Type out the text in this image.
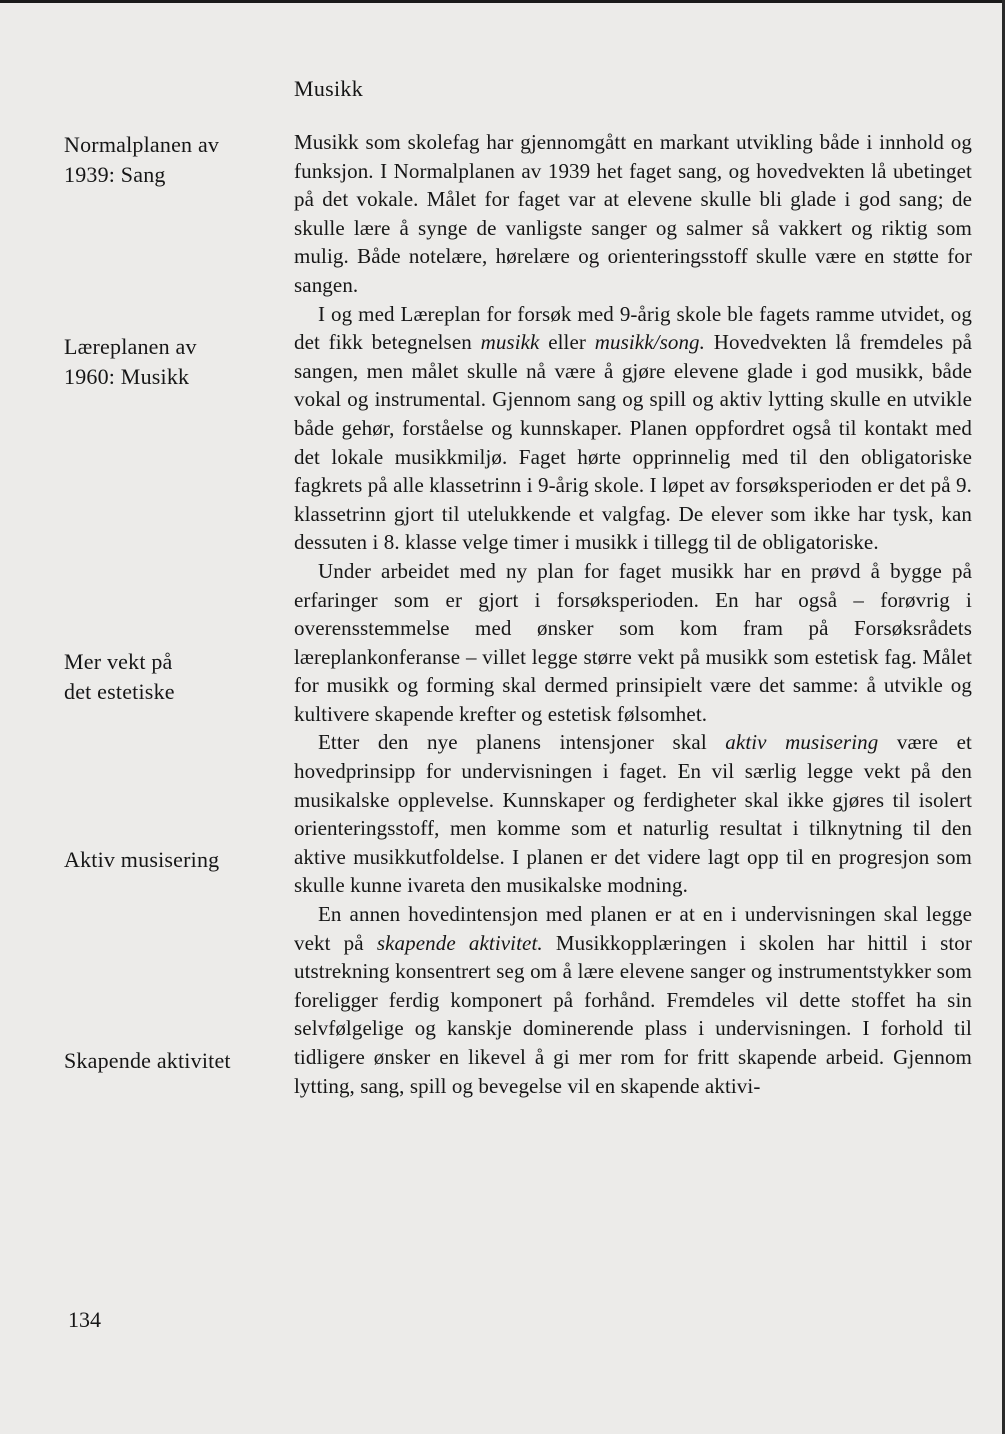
Musikk
Normalplanen av
1939: Sang
Læreplanen av
1960: Musikk
Mer vekt på
det estetiske
Aktiv musisering
Skapende aktivitet

Musikk som skolefag har gjennomgått en markant utvikling både i innhold og funksjon. I Normalplanen av 1939 het faget sang, og hovedvekten lå ubetinget på det vokale. Målet for faget var at elevene skulle bli glade i god sang; de skulle lære å synge de vanligste sanger og salmer så vakkert og riktig som mulig. Både notelære, hørelære og orienteringsstoff skulle være en støtte for sangen.

I og med Læreplan for forsøk med 9-årig skole ble fagets ramme utvidet, og det fikk betegnelsen musikk eller musikk/song. Hovedvekten lå fremdeles på sangen, men målet skulle nå være å gjøre elevene glade i god musikk, både vokal og instrumental. Gjennom sang og spill og aktiv lytting skulle en utvikle både gehør, forståelse og kunnskaper. Planen oppfordret også til kontakt med det lokale musikkmiljø. Faget hørte opprinnelig med til den obligatoriske fagkrets på alle klassetrinn i 9-årig skole. I løpet av forsøksperioden er det på 9. klassetrinn gjort til utelukkende et valgfag. De elever som ikke har tysk, kan dessuten i 8. klasse velge timer i musikk i tillegg til de obligatoriske.

Under arbeidet med ny plan for faget musikk har en prøvd å bygge på erfaringer som er gjort i forsøksperioden. En har også – forøvrig i overensstemmelse med ønsker som kom fram på Forsøksrådets læreplankonferanse – villet legge større vekt på musikk som estetisk fag. Målet for musikk og forming skal dermed prinsipielt være det samme: å utvikle og kultivere skapende krefter og estetisk følsomhet.

Etter den nye planens intensjoner skal aktiv musisering være et hovedprinsipp for undervisningen i faget. En vil særlig legge vekt på den musikalske opplevelse. Kunnskaper og ferdigheter skal ikke gjøres til isolert orienteringsstoff, men komme som et naturlig resultat i tilknytning til den aktive musikkutfoldelse. I planen er det videre lagt opp til en progresjon som skulle kunne ivareta den musikalske modning.

En annen hovedintensjon med planen er at en i undervisningen skal legge vekt på skapende aktivitet. Musikkopplæringen i skolen har hittil i stor utstrekning konsentrert seg om å lære elevene sanger og instrumentstykker som foreligger ferdig komponert på forhånd. Fremdeles vil dette stoffet ha sin selvfølgelige og kanskje dominerende plass i undervisningen. I forhold til tidligere ønsker en likevel å gi mer rom for fritt skapende arbeid. Gjennom lytting, sang, spill og bevegelse vil en skapende aktivi-

134
